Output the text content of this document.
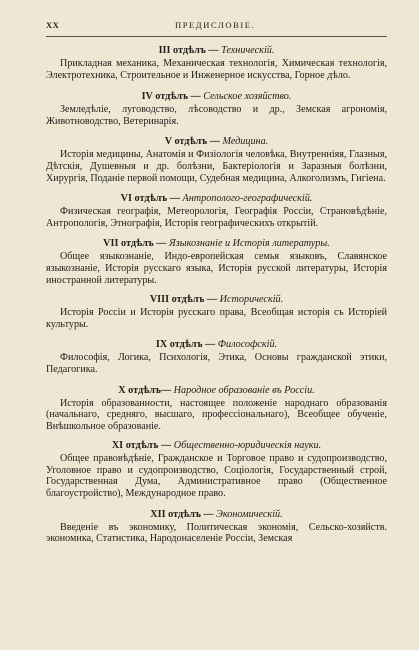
XX	ПРЕДИСЛОВІЕ.

III отдѣлъ — Техническій.

Прикладная механика, Механическая технологія, Химическая технологія, Электротехника, Строительное и Инженерное искусства, Горное дѣло.

IV отдѣлъ — Сельское хозяйство.

Земледѣліе, луговодство, лѣсоводство и др., Земская агрономія, Животноводство, Ветеринарія.

V отдѣлъ — Медицина.

Исторія медицины, Анатомія и Физіологія человѣка, Внутренніяя, Глазныя, Дѣтскія, Душевныя и др. болѣзни, Бактеріологія и Заразныя болѣзни, Хирургія, Поданіе первой помощи, Судебная медицина, Алкоголизмъ, Гигіена.

VI отдѣлъ — Антрополого-географическій.

Физическая географія, Метеорологія, Географія Россіи, Страновѣдѣніе, Антропологія, Этнографія, Исторія географическихъ открытій.

VII отдѣлъ — Языкознаніе и Исторія литературы.

Общее языкознаніе, Индо-европейская семья языковъ, Славянское языкознаніе, Исторія русскаго языка, Исторія русской литературы, Исторія иностранной литературы.

VIII отдѣлъ — Историческій.

Исторія Россіи и Исторія русскаго права, Всеобщая исторія съ Исторіей культуры.

IX отдѣлъ — Философскій.

Философія, Логика, Психологія, Этика, Основы гражданской этики, Педагогика.

X отдѣлъ— Народное образованіе въ Россіи.

Исторія образованности, настоящее положеніе народнаго образованія (начальнаго, средняго, высшаго, профессіональнаго), Всеобщее обученіе, Внѣшкольное образованіе.

XI отдѣлъ — Общественно-юридическія науки.

Общее правовѣдѣніе, Гражданское и Торговое право и судопроизводство, Уголовное право и судопроизводство, Соціологія, Государственный строй, Государственная Дума, Административное право (Общественное благоустройство), Международное право.

XII отдѣлъ — Экономическій.

Введеніе въ экономику, Политическая экономія, Сельско-хозяйств. экономика, Статистика, Народонаселеніе Россіи, Земская
